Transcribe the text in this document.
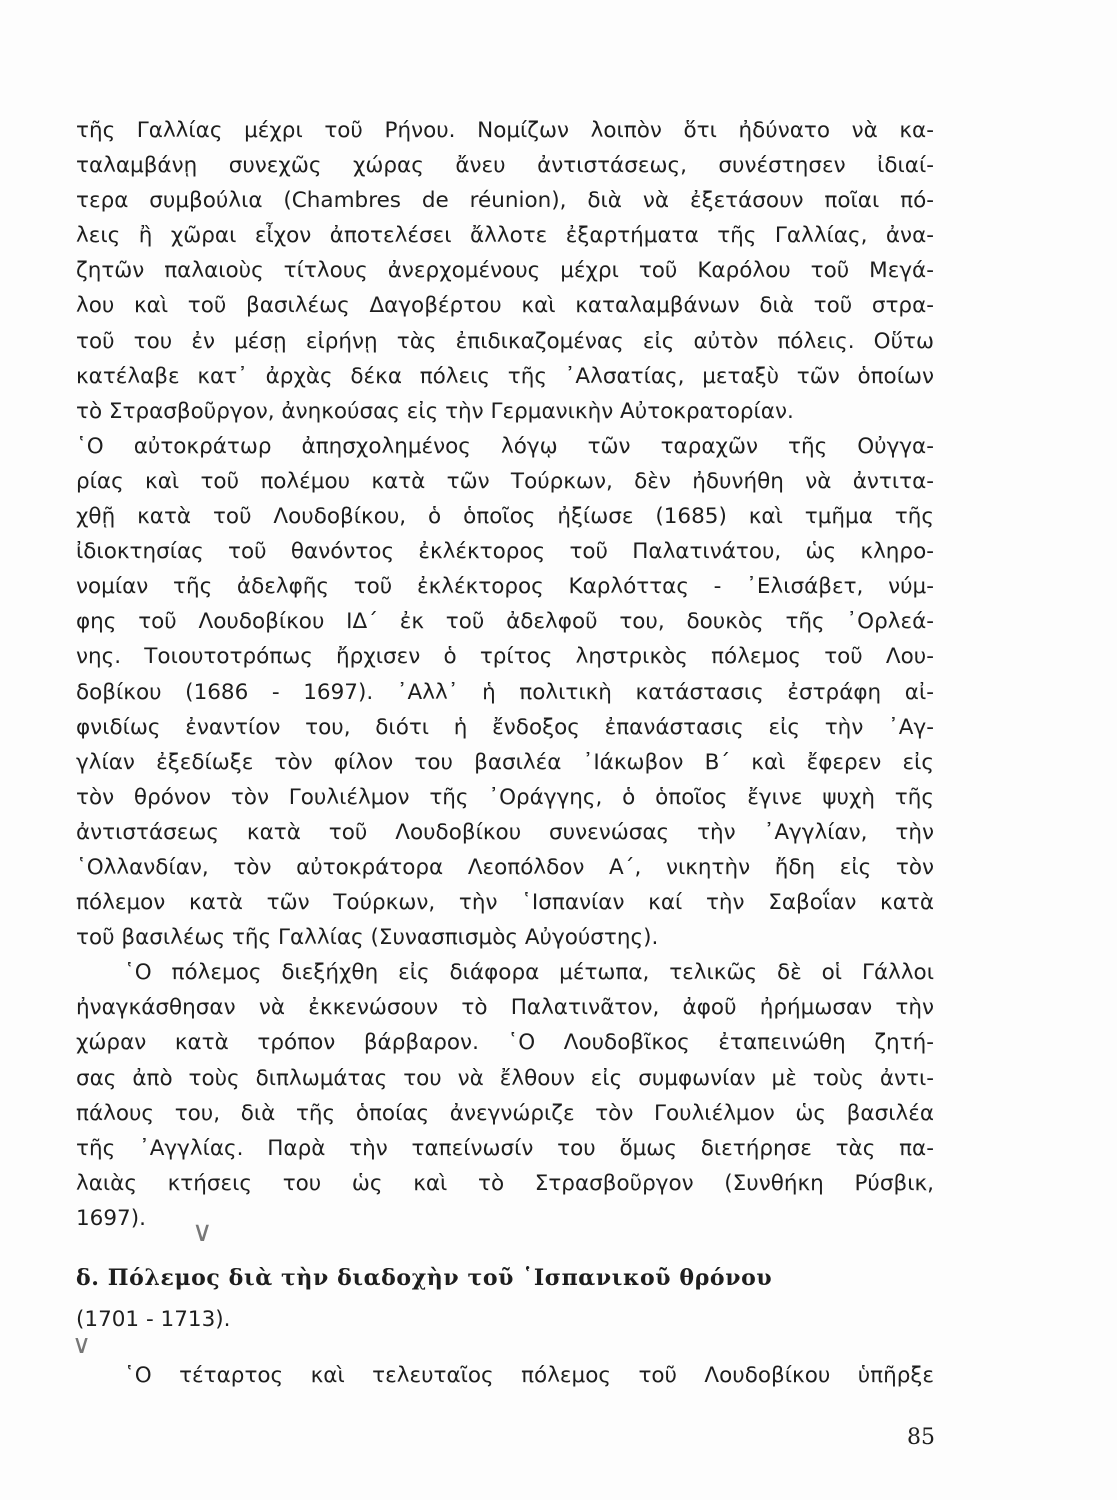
τῆς Γαλλίας μέχρι τοῦ Ρήνου. Νομίζων λοιπὸν ὅτι ἠδύνατο νὰ κα-
ταλαμβάνῃ συνεχῶς χώρας ἄνευ ἀντιστάσεως, συνέστησεν ἰδιαί-
τερα συμβούλια (Chambres de réunion), διὰ νὰ ἐξετάσουν ποῖαι πό-
λεις ἢ χῶραι εἶχον ἀποτελέσει ἄλλοτε ἐξαρτήματα τῆς Γαλλίας, ἀνα-
ζητῶν παλαιοὺς τίτλους ἀνερχομένους μέχρι τοῦ Καρόλου τοῦ Μεγά-
λου καὶ τοῦ βασιλέως Δαγοβέρτου καὶ καταλαμβάνων διὰ τοῦ στρα-
τοῦ του ἐν μέσῃ εἰρήνῃ τὰς ἐπιδικαζομένας εἰς αὐτὸν πόλεις. Οὕτω
κατέλαβε κατ᾿ ἀρχὰς δέκα πόλεις τῆς ᾿Αλσατίας, μεταξὺ τῶν ὁποίων
τὸ Στρασβοῦργον, ἀνηκούσας εἰς τὴν Γερμανικὴν Αὐτοκρατορίαν.
῾Ο αὐτοκράτωρ ἀπησχολημένος λόγῳ τῶν ταραχῶν τῆς Οὐγγα-
ρίας καὶ τοῦ πολέμου κατὰ τῶν Τούρκων, δὲν ἠδυνήθη νὰ ἀντιτα-
χθῇ κατὰ τοῦ Λουδοβίκου, ὁ ὁποῖος ἠξίωσε (1685) καὶ τμῆμα τῆς
ἰδιοκτησίας τοῦ θανόντος ἐκλέκτορος τοῦ Παλατινάτου, ὡς κληρο-
νομίαν τῆς ἀδελφῆς τοῦ ἐκλέκτορος Καρλόττας - ᾿Ελισάβετ, νύμ-
φης τοῦ Λουδοβίκου ΙΔ΄ ἐκ τοῦ ἀδελφοῦ του, δουκὸς τῆς ᾿Ορλεά-
νης. Τοιουτοτρόπως ἤρχισεν ὁ τρίτος ληστρικὸς πόλεμος τοῦ Λου-
δοβίκου (1686 - 1697). ᾿Αλλ᾿ ἡ πολιτικὴ κατάστασις ἐστράφη αἰ-
φνιδίως ἐναντίον του, διότι ἡ ἔνδοξος ἐπανάστασις εἰς τὴν ᾿Αγ-
γλίαν ἐξεδίωξε τὸν φίλον του βασιλέα ᾿Ιάκωβον Β΄ καὶ ἔφερεν εἰς
τὸν θρόνον τὸν Γουλιέλμον τῆς ᾿Οράγγης, ὁ ὁποῖος ἔγινε ψυχὴ τῆς
ἀντιστάσεως κατὰ τοῦ Λουδοβίκου συνενώσας τὴν ᾿Αγγλίαν, τὴν
῾Ολλανδίαν, τὸν αὐτοκράτορα Λεοπόλδον Α΄, νικητὴν ἤδη εἰς τὸν
πόλεμον κατὰ τῶν Τούρκων, τὴν ῾Ισπανίαν καί τὴν Σαβοΐαν κατὰ
τοῦ βασιλέως τῆς Γαλλίας (Συνασπισμὸς Αὐγούστης).
῾Ο πόλεμος διεξήχθη εἰς διάφορα μέτωπα, τελικῶς δὲ οἱ Γάλλοι
ἠναγκάσθησαν νὰ ἐκκενώσουν τὸ Παλατινᾶτον, ἀφοῦ ἠρήμωσαν τὴν
χώραν κατὰ τρόπον βάρβαρον. ῾Ο Λουδοβῖκος ἐταπεινώθη ζητή-
σας ἀπὸ τοὺς διπλωμάτας του νὰ ἔλθουν εἰς συμφωνίαν μὲ τοὺς ἀντι-
πάλους του, διὰ τῆς ὁποίας ἀνεγνώριζε τὸν Γουλιέλμον ὡς βασιλέα
τῆς ᾿Αγγλίας. Παρὰ τὴν ταπείνωσίν του ὅμως διετήρησε τὰς πα-
λαιὰς κτήσεις του ὡς καὶ τὸ Στρασβοῦργον (Συνθήκη Ρύσβικ,
1697).
δ. Πόλεμος διὰ τὴν διαδοχὴν τοῦ ῾Ισπανικοῦ θρόνου
(1701 - 1713).
῾Ο τέταρτος καὶ τελευταῖος πόλεμος τοῦ Λουδοβίκου ὑπῆρξε
85
∨
∨
